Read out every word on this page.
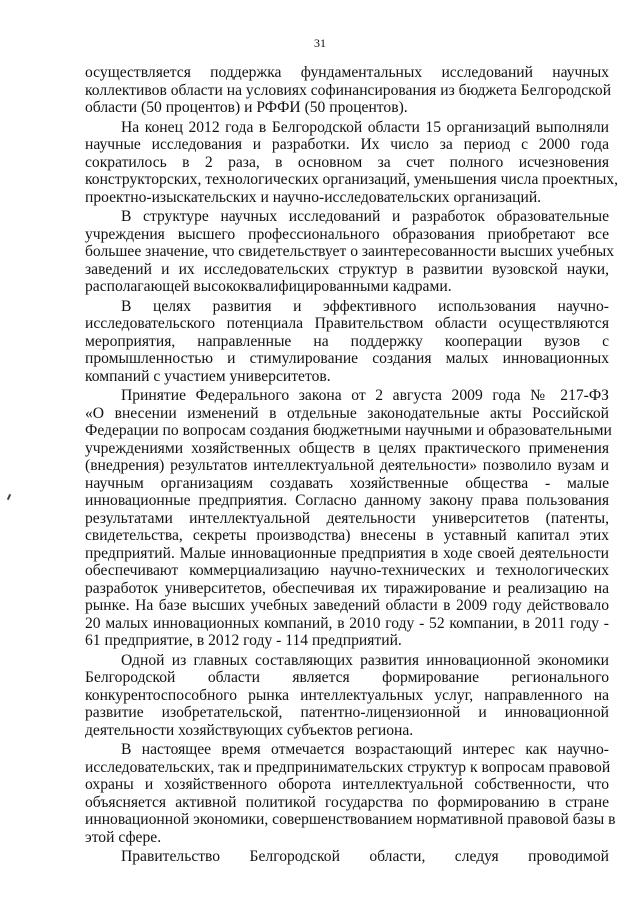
31
осуществляется поддержка фундаментальных исследований научных
коллективов области на условиях софинансирования из бюджета Белгородской
области (50 процентов) и РФФИ (50 процентов).
На конец 2012 года в Белгородской области 15 организаций выполняли
научные исследования и разработки. Их число за период с 2000 года
сократилось в 2 раза, в основном за счет полного исчезновения
конструкторских, технологических организаций, уменьшения числа проектных,
проектно-изыскательских и научно-исследовательских организаций.
В структуре научных исследований и разработок образовательные
учреждения высшего профессионального образования приобретают все
большее значение, что свидетельствует о заинтересованности высших учебных
заведений и их исследовательских структур в развитии вузовской науки,
располагающей высококвалифицированными кадрами.
В целях развития и эффективного использования научно-
исследовательского потенциала Правительством области осуществляются
мероприятия, направленные на поддержку кооперации вузов с
промышленностью и стимулирование создания малых инновационных
компаний с участием университетов.
Принятие Федерального закона от 2 августа 2009 года № 217-ФЗ
«О внесении изменений в отдельные законодательные акты Российской
Федерации по вопросам создания бюджетными научными и образовательными
учреждениями хозяйственных обществ в целях практического применения
(внедрения) результатов интеллектуальной деятельности» позволило вузам и
научным организациям создавать хозяйственные общества - малые
инновационные предприятия. Согласно данному закону права пользования
результатами интеллектуальной деятельности университетов (патенты,
свидетельства, секреты производства) внесены в уставный капитал этих
предприятий. Малые инновационные предприятия в ходе своей деятельности
обеспечивают коммерциализацию научно-технических и технологических
разработок университетов, обеспечивая их тиражирование и реализацию на
рынке. На базе высших учебных заведений области в 2009 году действовало
20 малых инновационных компаний, в 2010 году - 52 компании, в 2011 году -
61 предприятие, в 2012 году - 114 предприятий.
Одной из главных составляющих развития инновационной экономики
Белгородской области является формирование регионального
конкурентоспособного рынка интеллектуальных услуг, направленного на
развитие изобретательской, патентно-лицензионной и инновационной
деятельности хозяйствующих субъектов региона.
В настоящее время отмечается возрастающий интерес как научно-
исследовательских, так и предпринимательских структур к вопросам правовой
охраны и хозяйственного оборота интеллектуальной собственности, что
объясняется активной политикой государства по формированию в стране
инновационной экономики, совершенствованием нормативной правовой базы в
этой сфере.
Правительство Белгородской области, следуя проводимой
